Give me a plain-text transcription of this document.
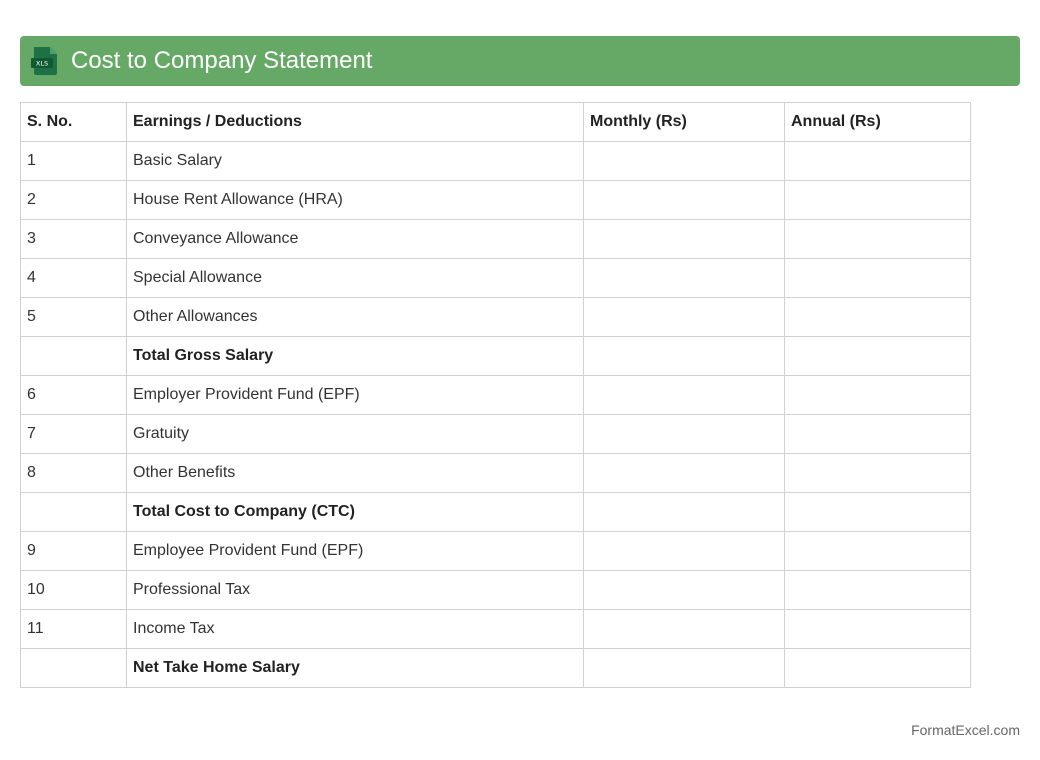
XLS Cost to Company Statement
S. No.	Earnings / Deductions	Monthly (Rs)	Annual (Rs)
1	Basic Salary		
2	House Rent Allowance (HRA)		
3	Conveyance Allowance		
4	Special Allowance		
5	Other Allowances		
	Total Gross Salary		
6	Employer Provident Fund (EPF)		
7	Gratuity		
8	Other Benefits		
	Total Cost to Company (CTC)		
9	Employee Provident Fund (EPF)		
10	Professional Tax		
11	Income Tax		
	Net Take Home Salary		
FormatExcel.com
